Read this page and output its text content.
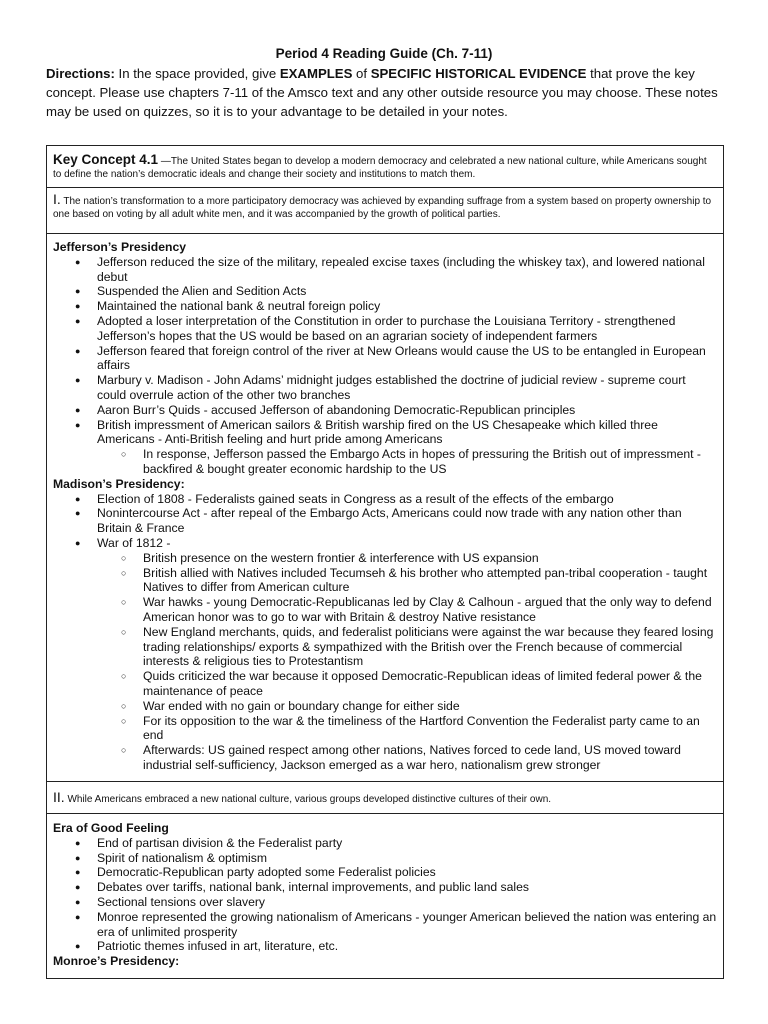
Period 4 Reading Guide (Ch. 7-11)
Directions: In the space provided, give EXAMPLES of SPECIFIC HISTORICAL EVIDENCE that prove the key concept. Please use chapters 7-11 of the Amsco text and any other outside resource you may choose. These notes may be used on quizzes, so it is to your advantage to be detailed in your notes.
Key Concept 4.1 —The United States began to develop a modern democracy and celebrated a new national culture, while Americans sought to define the nation’s democratic ideals and change their society and institutions to match them.
I. The nation’s transformation to a more participatory democracy was achieved by expanding suffrage from a system based on property ownership to one based on voting by all adult white men, and it was accompanied by the growth of political parties.
Jefferson’s Presidency
● Jefferson reduced the size of the military, repealed excise taxes (including the whiskey tax), and lowered national debut
● Suspended the Alien and Sedition Acts
● Maintained the national bank & neutral foreign policy
● Adopted a loser interpretation of the Constitution in order to purchase the Louisiana Territory - strengthened Jefferson’s hopes that the US would be based on an agrarian society of independent farmers
● Jefferson feared that foreign control of the river at New Orleans would cause the US to be entangled in European affairs
● Marbury v. Madison - John Adams’ midnight judges established the doctrine of judicial review - supreme court could overrule action of the other two branches
● Aaron Burr’s Quids - accused Jefferson of abandoning Democratic-Republican principles
● British impressment of American sailors & British warship fired on the US Chesapeake which killed three Americans - Anti-British feeling and hurt pride among Americans
○ In response, Jefferson passed the Embargo Acts in hopes of pressuring the British out of impressment - backfired & bought greater economic hardship to the US
Madison’s Presidency:
● Election of 1808 - Federalists gained seats in Congress as a result of the effects of the embargo
● Nonintercourse Act - after repeal of the Embargo Acts, Americans could now trade with any nation other than Britain & France
● War of 1812 -
○ British presence on the western frontier & interference with US expansion
○ British allied with Natives included Tecumseh & his brother who attempted pan-tribal cooperation - taught Natives to differ from American culture
○ War hawks - young Democratic-Republicanas led by Clay & Calhoun - argued that the only way to defend American honor was to go to war with Britain & destroy Native resistance
○ New England merchants, quids, and federalist politicians were against the war because they feared losing trading relationships/ exports & sympathized with the British over the French because of commercial interests & religious ties to Protestantism
○ Quids criticized the war because it opposed Democratic-Republican ideas of limited federal power & the maintenance of peace
○ War ended with no gain or boundary change for either side
○ For its opposition to the war & the timeliness of the Hartford Convention the Federalist party came to an end
○ Afterwards: US gained respect among other nations, Natives forced to cede land, US moved toward industrial self-sufficiency, Jackson emerged as a war hero, nationalism grew stronger
II. While Americans embraced a new national culture, various groups developed distinctive cultures of their own.
Era of Good Feeling
● End of partisan division & the Federalist party
● Spirit of nationalism & optimism
● Democratic-Republican party adopted some Federalist policies
● Debates over tariffs, national bank, internal improvements, and public land sales
● Sectional tensions over slavery
● Monroe represented the growing nationalism of Americans - younger American believed the nation was entering an era of unlimited prosperity
● Patriotic themes infused in art, literature, etc.
Monroe’s Presidency:
